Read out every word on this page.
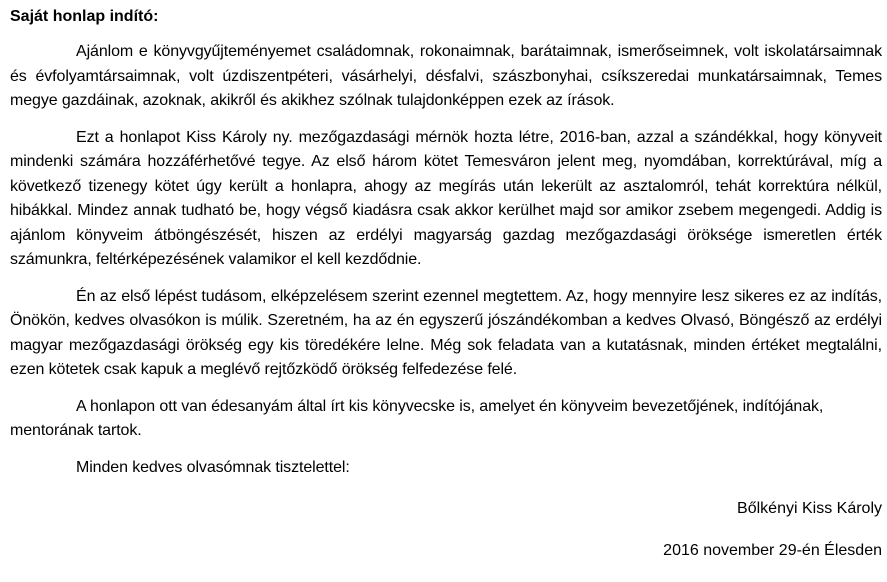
Saját honlap indító:

Ajánlom e könyvgyűjteményemet családomnak, rokonaimnak, barátaimnak, ismerőseimnek, volt iskolatársaimnak és évfolyamtársaimnak, volt úzdiszentpéteri, vásárhelyi, désfalvi, szászbonyhai, csíkszeredai munkatársaimnak, Temes megye gazdáinak, azoknak, akikről és akikhez szólnak tulajdonképpen ezek az írások.

Ezt a honlapot Kiss Károly ny. mezőgazdasági mérnök hozta létre, 2016-ban, azzal a szándékkal, hogy könyveit mindenki számára hozzáférhetővé tegye. Az első három kötet Temesváron jelent meg, nyomdában, korrektúrával, míg a következő tizenegy kötet úgy került a honlapra, ahogy az megírás után lekerült az asztalomról, tehát korrektúra nélkül, hibákkal. Mindez annak tudható be, hogy végső kiadásra csak akkor kerülhet majd sor amikor zsebem megengedi. Addig is ajánlom könyveim átböngészését, hiszen az erdélyi magyarság gazdag mezőgazdasági öröksége ismeretlen érték számunkra, feltérképezésének valamikor el kell kezdődnie.

Én az első lépést tudásom, elképzelésem szerint ezennel megtettem. Az, hogy mennyire lesz sikeres ez az indítás, Önökön, kedves olvasókon is múlik. Szeretném, ha az én egyszerű jószándékomban a kedves Olvasó, Böngésző az erdélyi magyar mezőgazdasági örökség egy kis töredékére lelne. Még sok feladata van a kutatásnak, minden értéket megtalálni, ezen kötetek csak kapuk a meglévő rejtőzködő örökség felfedezése felé.

A honlapon ott van édesanyám által írt kis könyvecske is, amelyet én könyveim bevezetőjének, indítójának, mentorának tartok.

Minden kedves olvasómnak tisztelettel:

Bőlkényi Kiss Károly
2016 november 29-én Élesden
